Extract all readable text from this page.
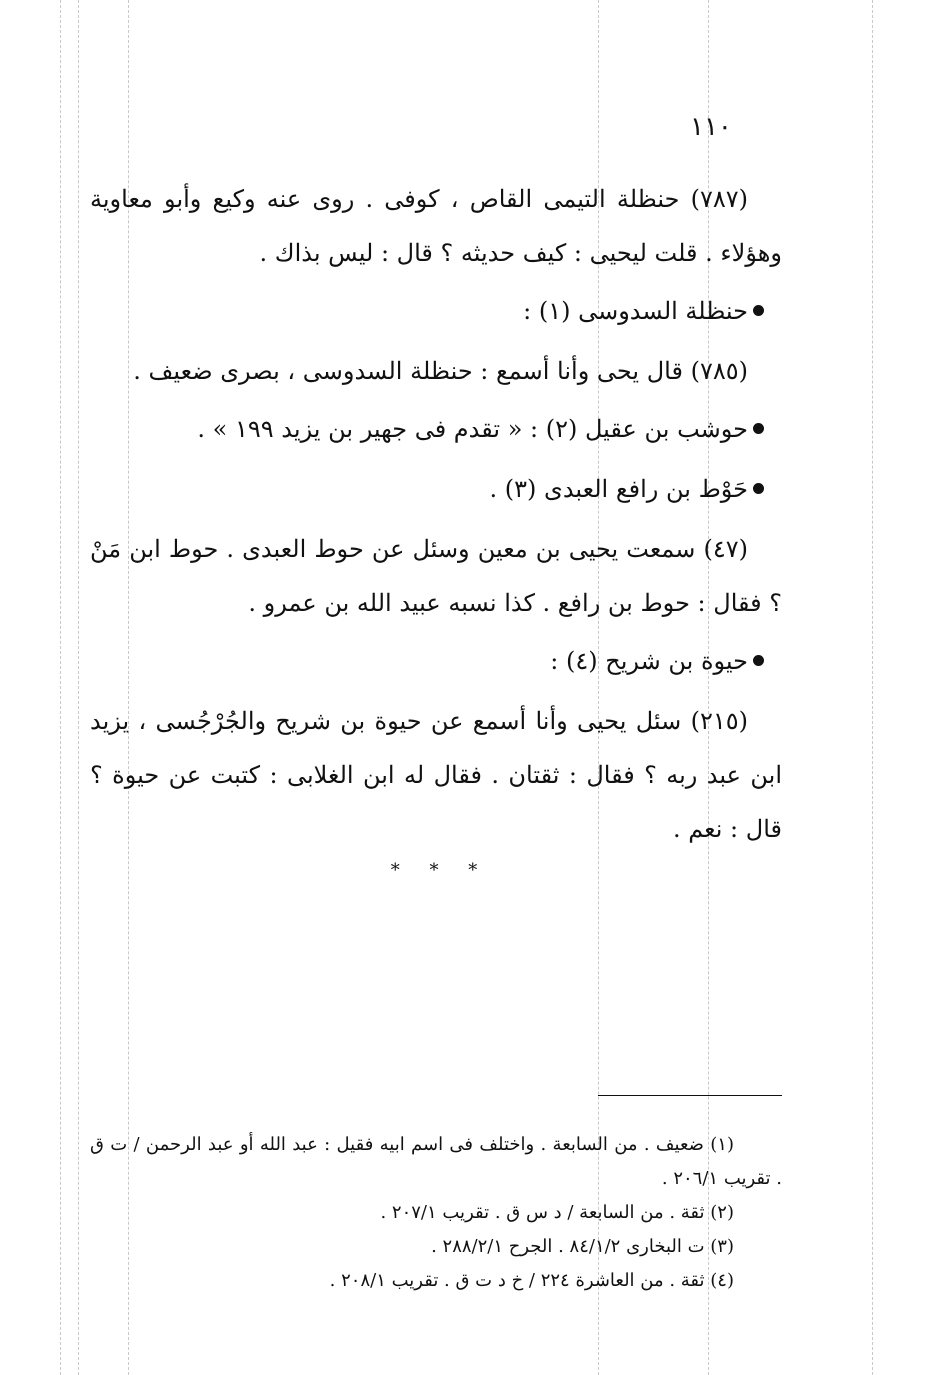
١١٠

(٧٨٧) حنظلة التيمى القاص ، كوفى . روى عنه وكيع وأبو معاوية وهؤلاء . قلت ليحيى : كيف حديثه ؟ قال : ليس بذاك .

حنظلة السدوسى (١) :

(٧٨٥) قال يحى وأنا أسمع : حنظلة السدوسى ، بصرى ضعيف .

حوشب بن عقيل (٢) : « تقدم فى جهير بن يزيد ١٩٩ » .
حَوْط بن رافع العبدى (٣) .

(٤٧) سمعت يحيى بن معين وسئل عن حوط العبدى . حوط ابن مَنْ ؟ فقال : حوط بن رافع . كذا نسبه عبيد الله بن عمرو .

حيوة بن شريح (٤) :

(٢١٥) سئل يحيى وأنا أسمع عن حيوة بن شريح والجُرْجُسى ، يزيد ابن عبد ربه ؟ فقال : ثقتان . فقال له ابن الغلابى : كتبت عن حيوة ؟ قال : نعم .

* * *

(١) ضعيف . من السابعة . واختلف فى اسم ابيه فقيل : عبد الله أو عبد الرحمن / ت ق . تقريب ٢٠٦/١ .

(٢) ثقة . من السابعة / د س ق . تقريب ٢٠٧/١ .

(٣) ت البخارى ٨٤/١/٢ . الجرح ٢٨٨/٢/١ .

(٤) ثقة . من العاشرة ٢٢٤ / خ د ت ق . تقريب ٢٠٨/١ .
